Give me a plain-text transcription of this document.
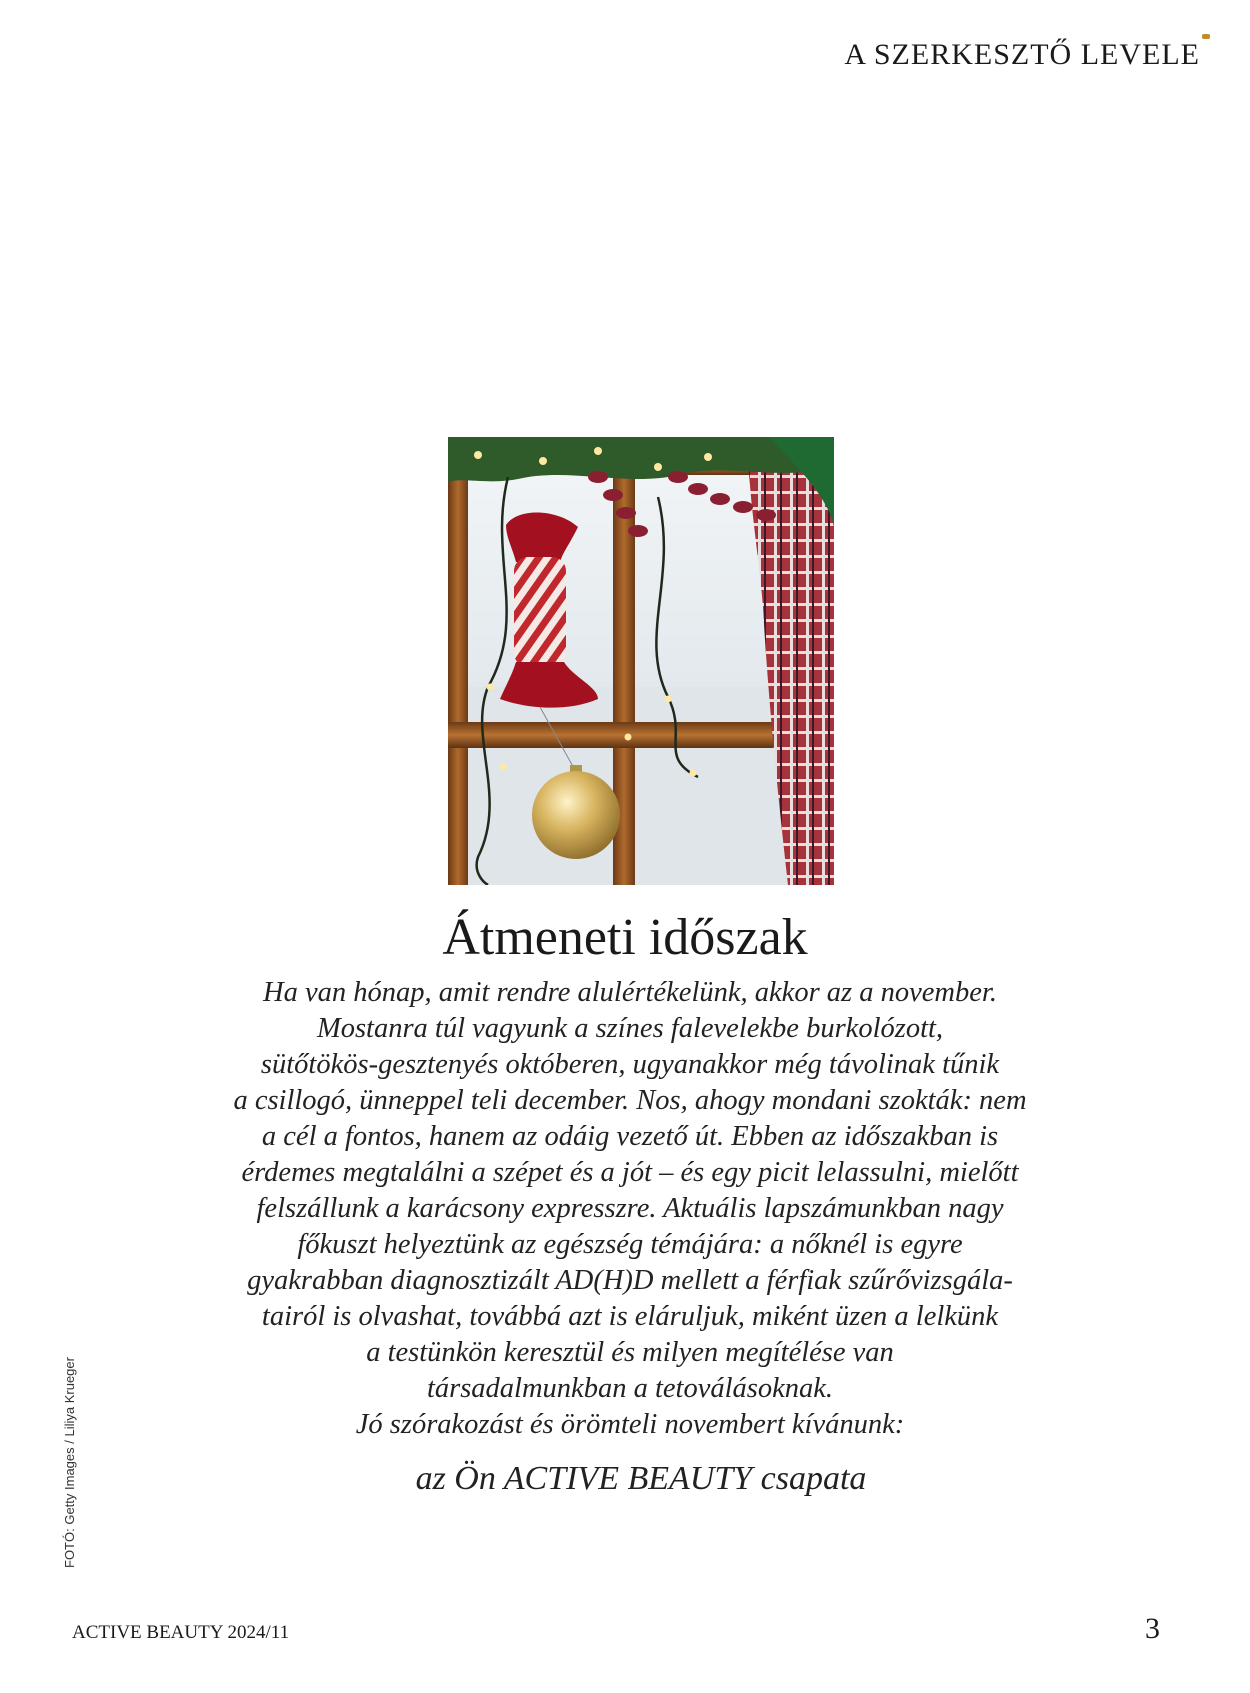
A SZERKESZTŐ LEVELE
Átmeneti időszak
Ha van hónap, amit rendre alulértékelünk, akkor az a november.
Mostanra túl vagyunk a színes falevelekbe burkolózott,
sütőtökös-gesztenyés októberen, ugyanakkor még távolinak tűnik
a csillogó, ünneppel teli december. Nos, ahogy mondani szokták: nem
a cél a fontos, hanem az odáig vezető út. Ebben az időszakban is
érdemes megtalálni a szépet és a jót – és egy picit lelassulni, mielőtt
felszállunk a karácsony expresszre. Aktuális lapszámunkban nagy
főkuszt helyeztünk az egészség témájára: a nőknél is egyre
gyakrabban diagnosztizált AD(H)D mellett a férfiak szűrővizsgála-
tairól is olvashat, továbbá azt is eláruljuk, miként üzen a lelkünk
a testünkön keresztül és milyen megítélése van
társadalmunkban a tetoválásoknak.
Jó szórakozást és örömteli novembert kívánunk:
az Ön ACTIVE BEAUTY csapata
FOTÓ: Getty Images / Liliya Krueger
ACTIVE BEAUTY 2024/11	3
